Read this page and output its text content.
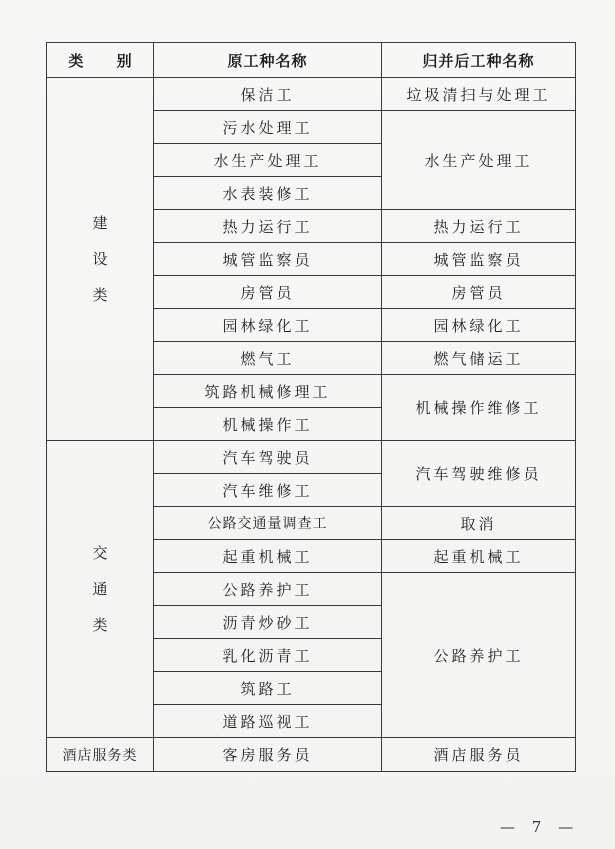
类 别	原工种名称	归并后工种名称

建设类	保洁工	垃圾清扫与处理工
	污水处理工	水生产处理工
	水生产处理工	
	水表装修工	
	热力运行工	热力运行工
	城管监察员	城管监察员
	房管员	房管员
	园林绿化工	园林绿化工
	燃气工	燃气储运工
	筑路机械修理工	机械操作维修工
	机械操作工	

交通类	汽车驾驶员	汽车驾驶维修员
	汽车维修工	
	公路交通量调查工	取消
	起重机械工	起重机械工
	公路养护工	公路养护工
	沥青炒砂工	
	乳化沥青工	
	筑路工	
	道路巡视工	
酒店服务类	客房服务员	酒店服务员
— 7 —
